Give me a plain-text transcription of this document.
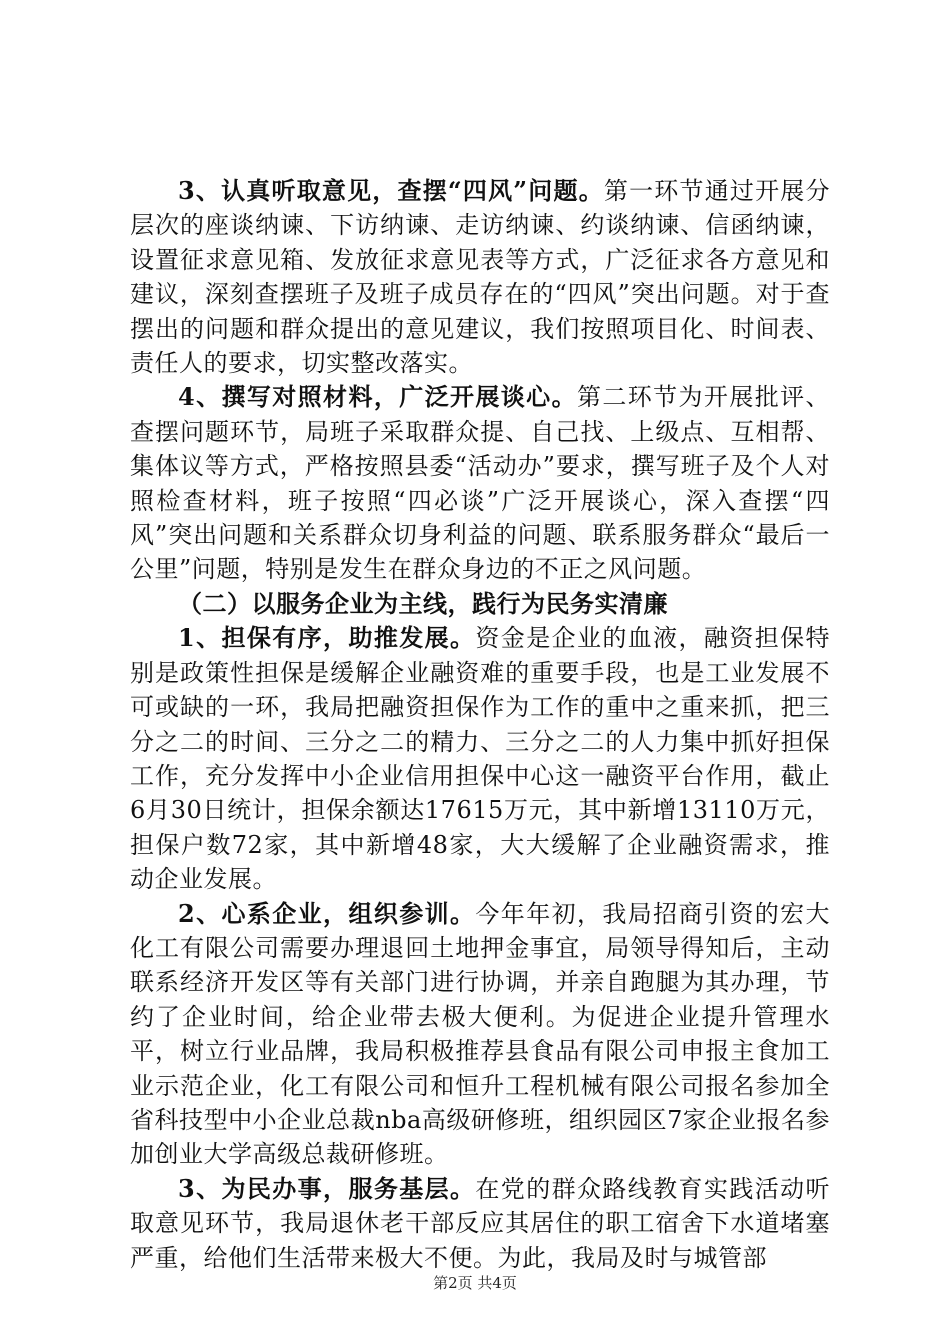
3、认真听取意见，查摆“四风”问题。第一环节通过开展分层次的座谈纳谏、下访纳谏、走访纳谏、约谈纳谏、信函纳谏，设置征求意见箱、发放征求意见表等方式，广泛征求各方意见和建议，深刻查摆班子及班子成员存在的“四风”突出问题。对于查摆出的问题和群众提出的意见建议，我们按照项目化、时间表、责任人的要求，切实整改落实。

4、撰写对照材料，广泛开展谈心。第二环节为开展批评、查摆问题环节，局班子采取群众提、自己找、上级点、互相帮、集体议等方式，严格按照县委“活动办”要求，撰写班子及个人对照检查材料，班子按照“四必谈”广泛开展谈心，深入查摆“四风”突出问题和关系群众切身利益的问题、联系服务群众“最后一公里”问题，特别是发生在群众身边的不正之风问题。

（二）以服务企业为主线，践行为民务实清廉

1、担保有序，助推发展。资金是企业的血液，融资担保特别是政策性担保是缓解企业融资难的重要手段，也是工业发展不可或缺的一环，我局把融资担保作为工作的重中之重来抓，把三分之二的时间、三分之二的精力、三分之二的人力集中抓好担保工作，充分发挥中小企业信用担保中心这一融资平台作用，截止6月30日统计，担保余额达17615万元，其中新增13110万元，担保户数72家，其中新增48家，大大缓解了企业融资需求，推动企业发展。

2、心系企业，组织参训。今年年初，我局招商引资的宏大化工有限公司需要办理退回土地押金事宜，局领导得知后，主动联系经济开发区等有关部门进行协调，并亲自跑腿为其办理，节约了企业时间，给企业带去极大便利。为促进企业提升管理水平，树立行业品牌，我局积极推荐县食品有限公司申报主食加工业示范企业，化工有限公司和恒升工程机械有限公司报名参加全省科技型中小企业总裁nba高级研修班，组织园区7家企业报名参加创业大学高级总裁研修班。

3、为民办事，服务基层。在党的群众路线教育实践活动听取意见环节，我局退休老干部反应其居住的职工宿舍下水道堵塞严重，给他们生活带来极大不便。为此，我局及时与城管部

第2页 共4页
